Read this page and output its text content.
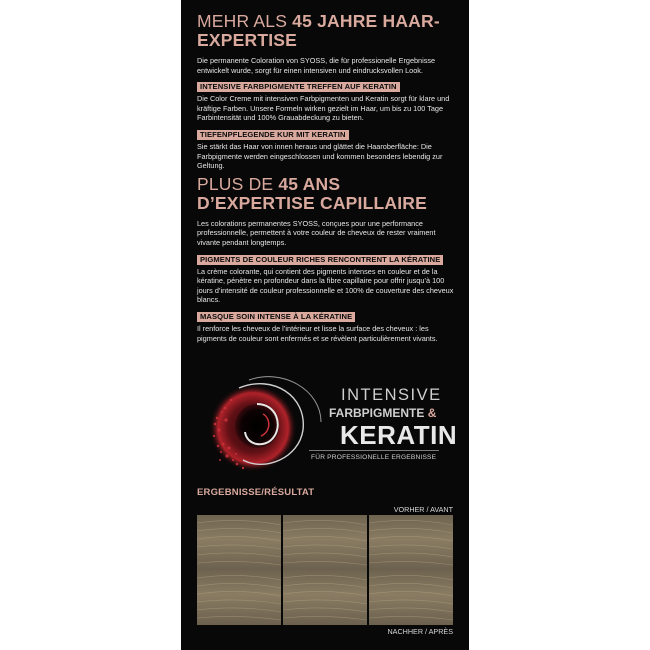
MEHR ALS 45 JAHRE HAAR-EXPERTISE
Die permanente Coloration von SYOSS, die für professionelle Ergebnisse entwickelt wurde, sorgt für einen intensiven und eindrucksvollen Look.
INTENSIVE FARBPIGMENTE TREFFEN AUF KERATIN
Die Color Creme mit intensiven Farbpigmenten und Keratin sorgt für klare und kräftige Farben. Unsere Formeln wirken gezielt im Haar, um bis zu 100 Tage Farbintensität und 100% Grauabdeckung zu bieten.
TIEFENPFLEGENDE KUR MIT KERATIN
Sie stärkt das Haar von innen heraus und glättet die Haaroberfläche: Die Farbpigmente werden eingeschlossen und kommen besonders lebendig zur Geltung.
PLUS DE 45 ANS D’EXPERTISE CAPILLAIRE
Les colorations permanentes SYOSS, conçues pour une performance professionnelle, permettent à votre couleur de cheveux de rester vraiment vivante pendant longtemps.
PIGMENTS DE COULEUR RICHES RENCONTRENT LA KÉRATINE
La crème colorante, qui contient des pigments intenses en couleur et de la kératine, pénètre en profondeur dans la fibre capillaire pour offrir jusqu’à 100 jours d’intensité de couleur professionnelle et 100% de couverture des cheveux blancs.
MASQUE SOIN INTENSE À LA KÉRATINE
Il renforce les cheveux de l’intérieur et lisse la surface des cheveux : les pigments de couleur sont enfermés et se révèlent particulièrement vivants.
INTENSIVE
FARBPIGMENTE &
KERATIN
FÜR PROFESSIONELLE ERGEBNISSE
ERGEBNISSE/RÉSULTAT
VORHER / AVANT
NACHHER / APRÈS
